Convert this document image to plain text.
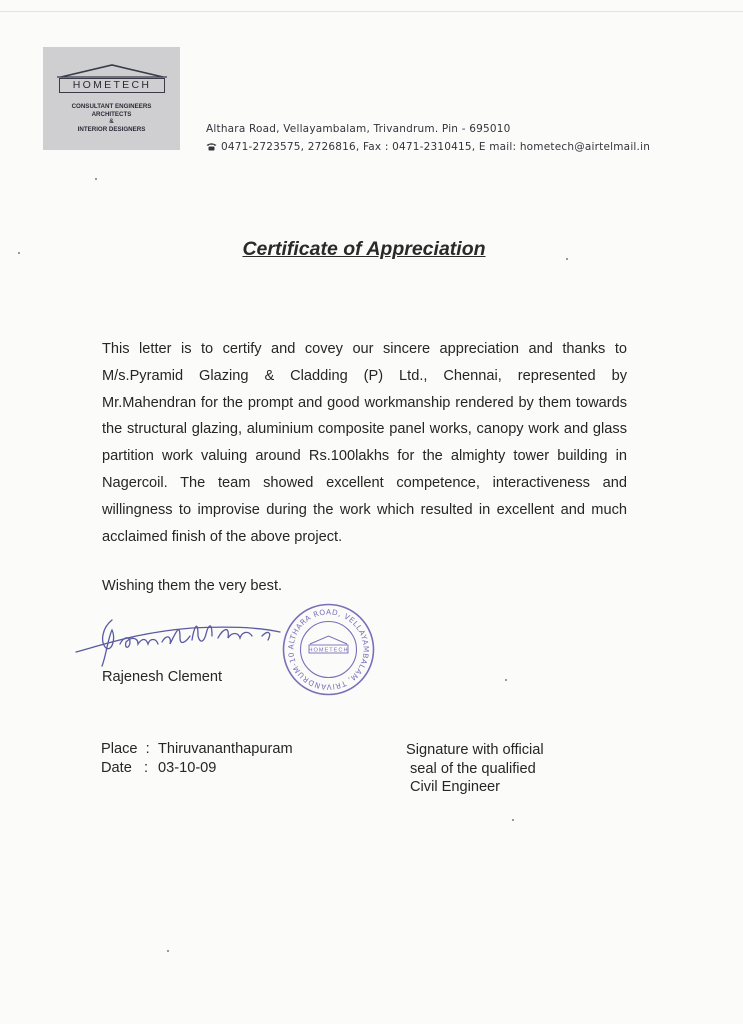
HOMETECH
CONSULTANT ENGINEERS
ARCHITECTS
&
INTERIOR DESIGNERS	Althara Road, Vellayambalam, Trivandrum. Pin - 695010
0471-2723575, 2726816, Fax : 0471-2310415, E mail: hometech@airtelmail.in
Certificate of Appreciation

This letter is to certify and covey our sincere appreciation and thanks to M/s.Pyramid Glazing & Cladding (P) Ltd., Chennai, represented by Mr.Mahendran for the prompt and good workmanship rendered by them towards the structural glazing, aluminium composite panel works, canopy work and glass partition work valuing around Rs.100lakhs for the almighty tower building in Nagercoil. The team showed excellent competence, interactiveness and willingness to improvise during the work which resulted in excellent and much acclaimed finish of the above project.

Wishing them the very best.
ALTHARA ROAD, VELLAYAMBALAM, TRIVANDRUM-10
HOMETECH
Rajenesh Clement
Place  : Thiruvananthapuram
Date   : 03-10-09
Signature with official
seal of the qualified
Civil Engineer
